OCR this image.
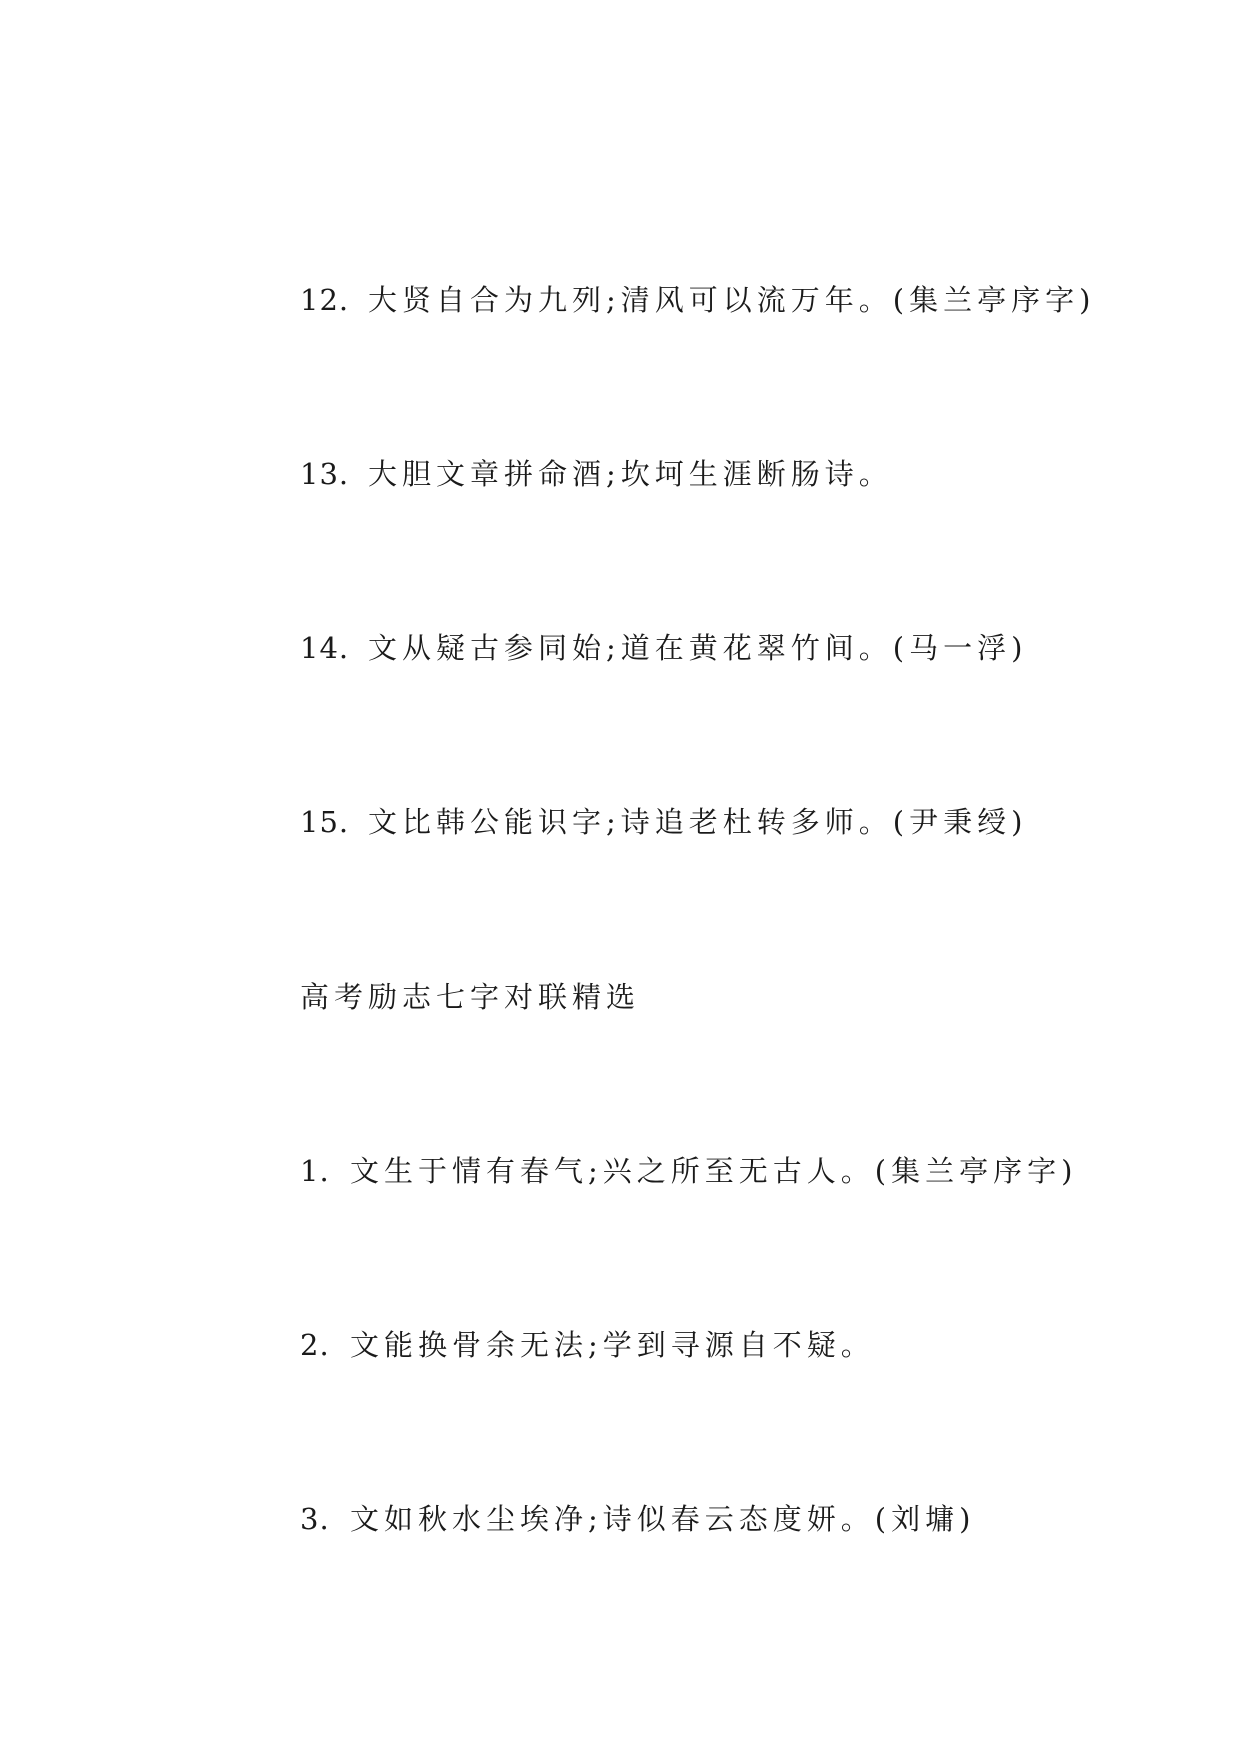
12. 大贤自合为九列;清风可以流万年。(集兰亭序字)
13. 大胆文章拼命酒;坎坷生涯断肠诗。
14. 文从疑古参同始;道在黄花翠竹间。(马一浮)
15. 文比韩公能识字;诗追老杜转多师。(尹秉绶)
高考励志七字对联精选
1. 文生于情有春气;兴之所至无古人。(集兰亭序字)
2. 文能换骨余无法;学到寻源自不疑。
3. 文如秋水尘埃净;诗似春云态度妍。(刘墉)
